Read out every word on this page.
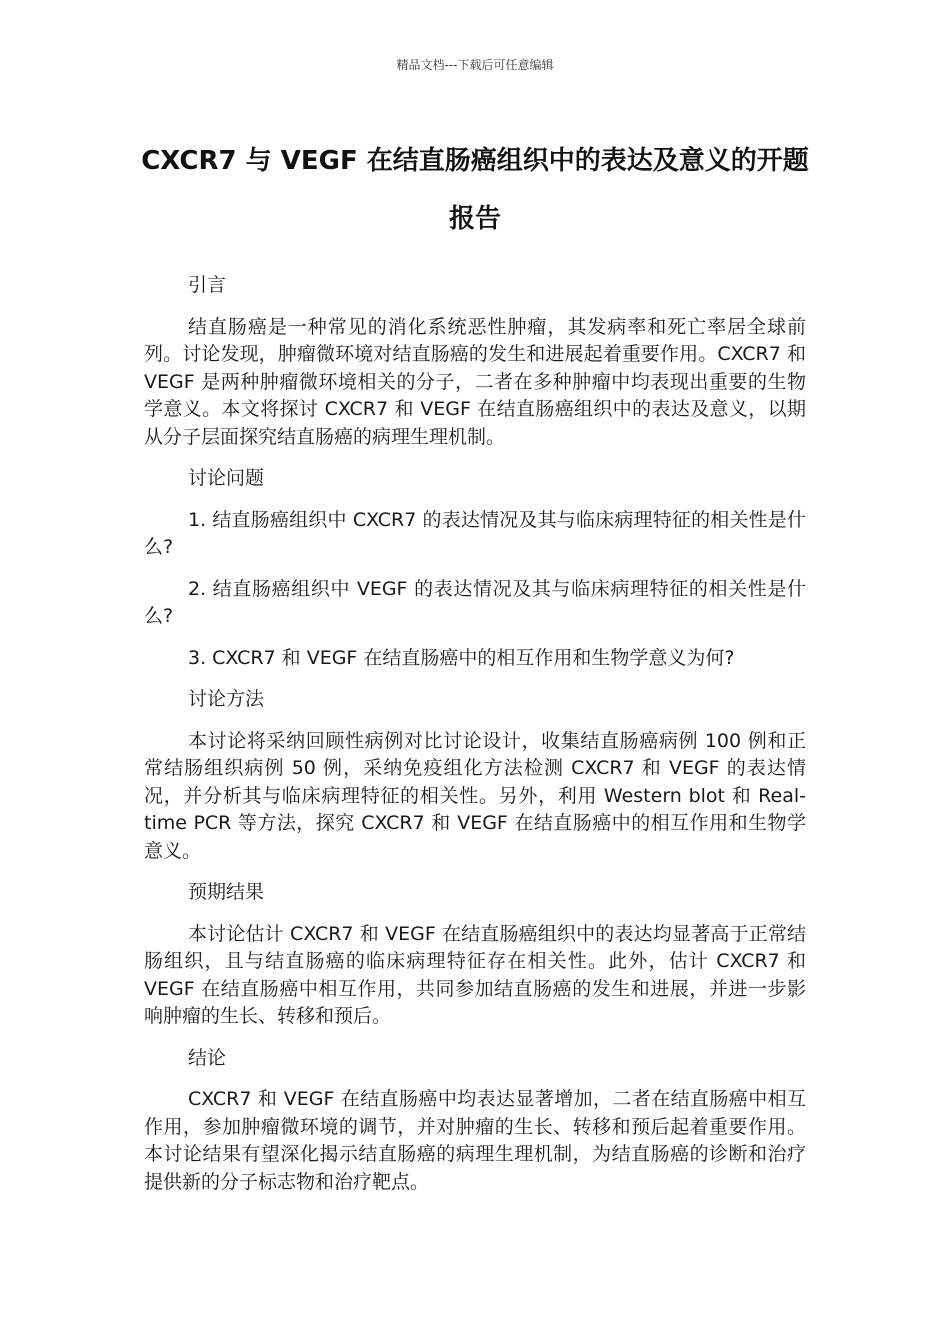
精品文档---下载后可任意编辑
CXCR7 与 VEGF 在结直肠癌组织中的表达及意义的开题报告

引言

结直肠癌是一种常见的消化系统恶性肿瘤，其发病率和死亡率居全球前列。讨论发现，肿瘤微环境对结直肠癌的发生和进展起着重要作用。CXCR7 和 VEGF 是两种肿瘤微环境相关的分子，二者在多种肿瘤中均表现出重要的生物学意义。本文将探讨 CXCR7 和 VEGF 在结直肠癌组织中的表达及意义，以期从分子层面探究结直肠癌的病理生理机制。

讨论问题

1. 结直肠癌组织中 CXCR7 的表达情况及其与临床病理特征的相关性是什么?

2. 结直肠癌组织中 VEGF 的表达情况及其与临床病理特征的相关性是什么?

3. CXCR7 和 VEGF 在结直肠癌中的相互作用和生物学意义为何?

讨论方法

本讨论将采纳回顾性病例对比讨论设计，收集结直肠癌病例 100 例和正常结肠组织病例 50 例，采纳免疫组化方法检测 CXCR7 和 VEGF 的表达情况，并分析其与临床病理特征的相关性。另外，利用 Western blot 和 Real-time PCR 等方法，探究 CXCR7 和 VEGF 在结直肠癌中的相互作用和生物学意义。

预期结果

本讨论估计 CXCR7 和 VEGF 在结直肠癌组织中的表达均显著高于正常结肠组织，且与结直肠癌的临床病理特征存在相关性。此外，估计 CXCR7 和 VEGF 在结直肠癌中相互作用，共同参加结直肠癌的发生和进展，并进一步影响肿瘤的生长、转移和预后。

结论

CXCR7 和 VEGF 在结直肠癌中均表达显著增加，二者在结直肠癌中相互作用，参加肿瘤微环境的调节，并对肿瘤的生长、转移和预后起着重要作用。本讨论结果有望深化揭示结直肠癌的病理生理机制，为结直肠癌的诊断和治疗提供新的分子标志物和治疗靶点。
